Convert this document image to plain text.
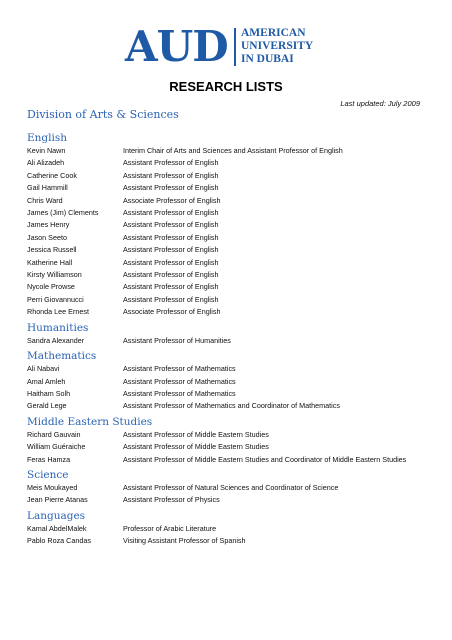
AUD AMERICAN
UNIVERSITY
IN DUBAI
RESEARCH LISTS
Last updated: July 2009
Division of Arts & Sciences
English
Kevin Nawn	Interim Chair of Arts and Sciences and Assistant Professor of English
Ali Alizadeh	Assistant Professor of English
Catherine Cook	Assistant Professor of English
Gail Hammill	Assistant Professor of English
Chris Ward	Associate Professor of English
James (Jim) Clements	Assistant Professor of English
James Henry	Assistant Professor of English
Jason Seeto	Assistant Professor of English
Jessica Russell	Assistant Professor of English
Katherine Hall	Assistant Professor of English
Kirsty Williamson	Assistant Professor of English
Nycole Prowse	Assistant Professor of English
Perri Giovannucci	Assistant Professor of English
Rhonda Lee Ernest	Associate Professor of English
Humanities
Sandra Alexander	Assistant Professor of Humanities
Mathematics
Ali Nabavi	Assistant Professor of Mathematics
Amal Amleh	Assistant Professor of Mathematics
Haitham Solh	Assistant Professor of Mathematics
Gerald Lege	Assistant Professor of Mathematics and Coordinator of Mathematics
Middle Eastern Studies
Richard Gauvain	Assistant Professor of Middle Eastern Studies
William Guéraiche	Assistant Professor of Middle Eastern Studies
Feras Hamza	Assistant Professor of Middle Eastern Studies and Coordinator of Middle Eastern Studies
Science
Meis Moukayed	Assistant Professor of Natural Sciences and Coordinator of Science
Jean Pierre Atanas	Assistant Professor of Physics
Languages
Kamal AbdelMalek	Professor of Arabic Literature
Pablo Roza Candas	Visiting Assistant Professor of Spanish
